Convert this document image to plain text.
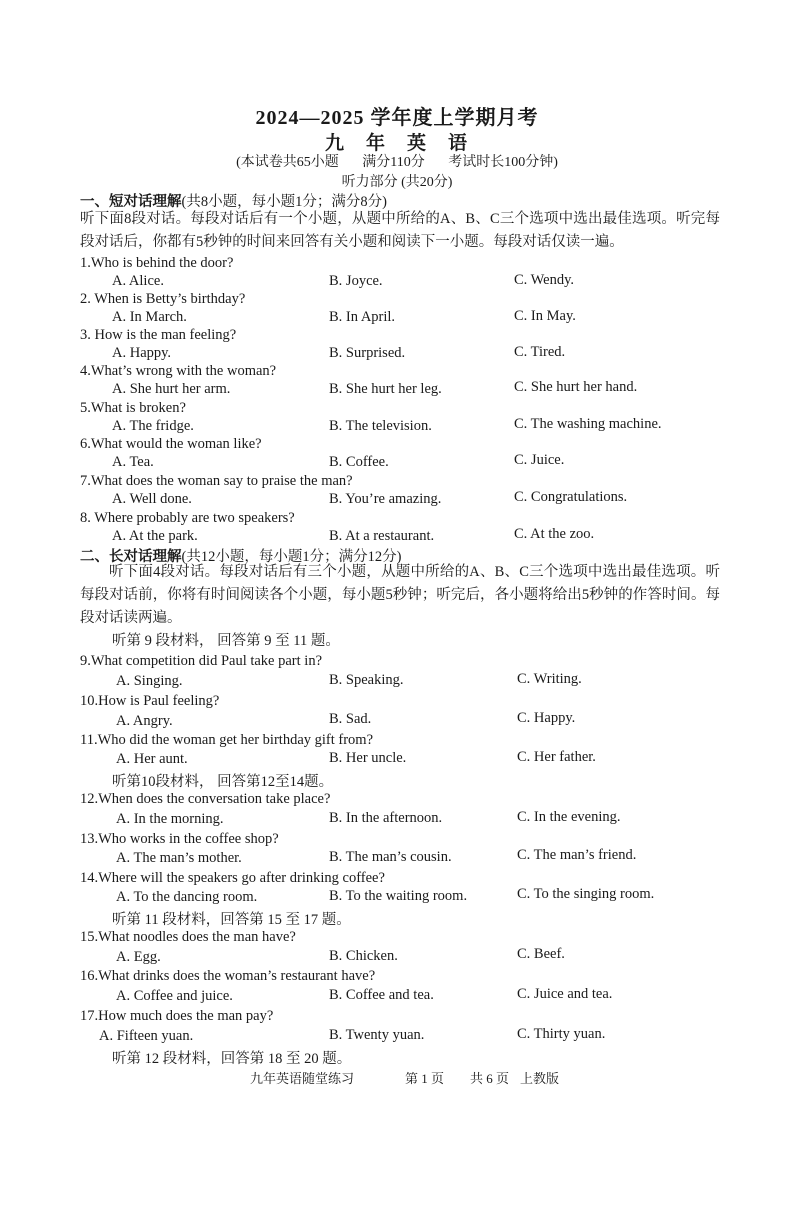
2024—2025 学年度上学期月考
九年英语
(本试卷共65小题 满分110分 考试时长100分钟)
听力部分 (共20分)
一、短对话理解(共8小题，每小题1分；满分8分)
听下面8段对话。每段对话后有一个小题，从题中所给的A、B、C三个选项中选出最佳选项。听完每段对话后，你都有5秒钟的时间来回答有关小题和阅读下一小题。每段对话仅读一遍。
二、长对话理解(共12小题，每小题1分；满分12分)
听下面4段对话。每段对话后有三个小题，从题中所给的A、B、C三个选项中选出最佳选项。听每段对话前，你将有时间阅读各个小题，每小题5秒钟；听完后，各小题将给出5秒钟的作答时间。每段对话读两遍。
听第 9 段材料， 回答第 9 至 11 题。
听第10段材料， 回答第12至14题。
听第 11 段材料，回答第 15 至 17 题。
听第 12 段材料，回答第 18 至 20 题。
1.Who is behind the door?
A. Alice.	B. Joyce.	C. Wendy.
2. When is Betty’s birthday?
A. In March.	B. In April.	C. In May.
3. How is the man feeling?
A. Happy.	B. Surprised.	C. Tired.
4.What’s wrong with the woman?
A. She hurt her arm.	B. She hurt her leg.	C. She hurt her hand.
5.What is broken?
A. The fridge.	B. The television.	C. The washing machine.
6.What would the woman like?
A. Tea.	B. Coffee.	C. Juice.
7.What does the woman say to praise the man?
A. Well done.	B. You’re amazing.	C. Congratulations.
8. Where probably are two speakers?
A. At the park.	B. At a restaurant.	C. At the zoo.
9.What competition did Paul take part in?
A. Singing.	B. Speaking.	C. Writing.
10.How is Paul feeling?
A. Angry.	B. Sad.	C. Happy.
11.Who did the woman get her birthday gift from?
A. Her aunt.	B. Her uncle.	C. Her father.
12.When does the conversation take place?
A. In the morning.	B. In the afternoon.	C. In the evening.
13.Who works in the coffee shop?
A. The man’s mother.	B. The man’s cousin.	C. The man’s friend.
14.Where will the speakers go after drinking coffee?
A. To the dancing room.	B. To the waiting room.	C. To the singing room.
15.What noodles does the man have?
A. Egg.	B. Chicken.	C. Beef.
16.What drinks does the woman’s restaurant have?
A. Coffee and juice.	B. Coffee and tea.	C. Juice and tea.
17.How much does the man pay?
A. Fifteen yuan.	B. Twenty yuan.	C. Thirty yuan.
九年英语随堂练习	第 1 页 共 6 页 上教版
